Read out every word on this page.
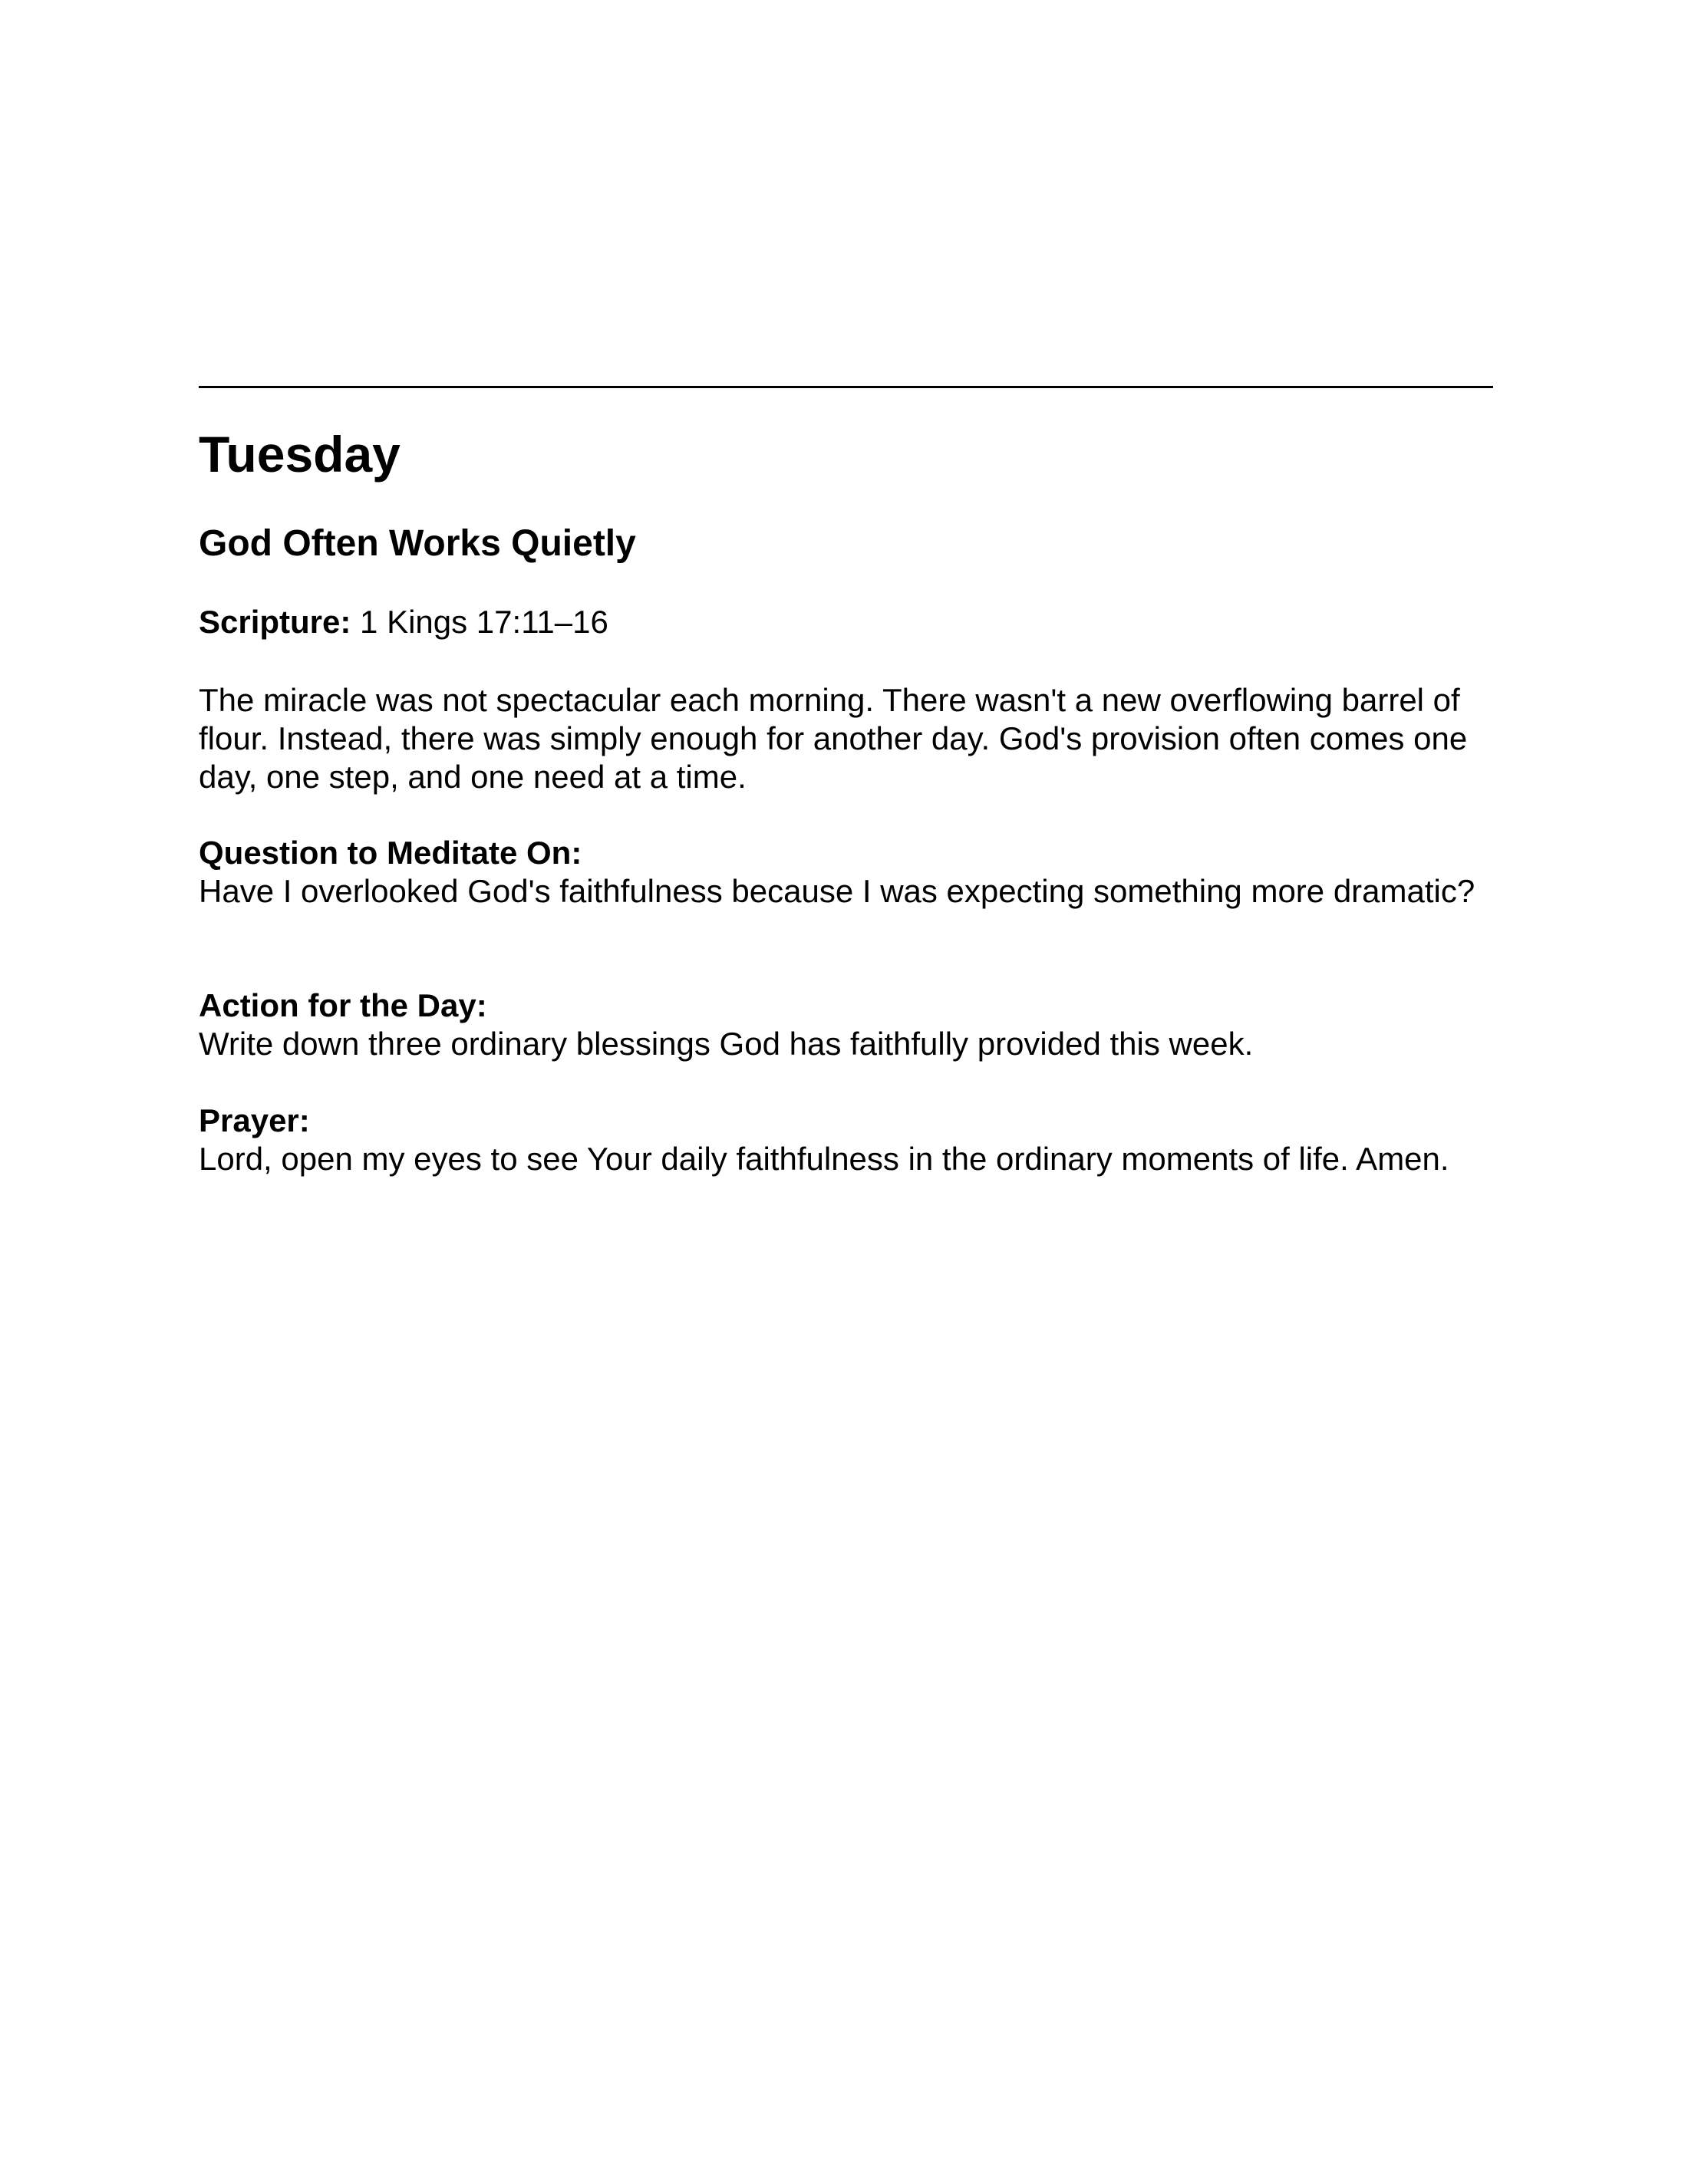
Tuesday
God Often Works Quietly

Scripture: 1 Kings 17:11–16

The miracle was not spectacular each morning. There wasn't a new overflowing barrel of flour. Instead, there was simply enough for another day. God's provision often comes one day, one step, and one need at a time.

Question to Meditate On:
Have I overlooked God's faithfulness because I was expecting something more dramatic?
Action for the Day:
Write down three ordinary blessings God has faithfully provided this week.
Prayer:
Lord, open my eyes to see Your daily faithfulness in the ordinary moments of life. Amen.
